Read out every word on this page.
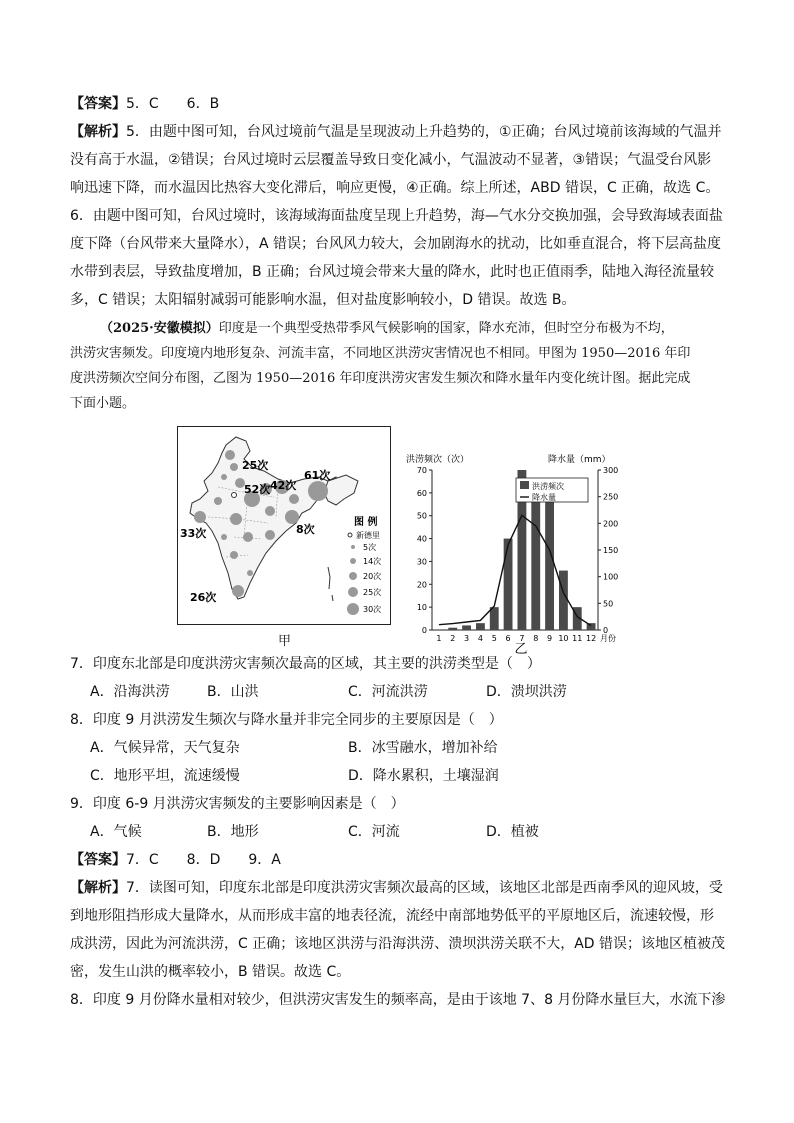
【答案】5．C　　6．B
【解析】5．由题中图可知，台风过境前气温是呈现波动上升趋势的，①正确；台风过境前该海域的气温并
没有高于水温，②错误；台风过境时云层覆盖导致日变化减小，气温波动不显著，③错误；气温受台风影
响迅速下降，而水温因比热容大变化滞后，响应更慢，④正确。综上所述，ABD 错误，C 正确，故选 C。
6．由题中图可知，台风过境时，该海域海面盐度呈现上升趋势，海—气水分交换加强，会导致海域表面盐
度下降（台风带来大量降水），A 错误；台风风力较大，会加剧海水的扰动，比如垂直混合，将下层高盐度
水带到表层，导致盐度增加，B 正确；台风过境会带来大量的降水，此时也正值雨季，陆地入海径流量较
多，C 错误；太阳辐射减弱可能影响水温，但对盐度影响较小，D 错误。故选 B。
（2025·安徽模拟）印度是一个典型受热带季风气候影响的国家，降水充沛，但时空分布极为不均，
洪涝灾害频发。印度境内地形复杂、河流丰富，不同地区洪涝灾害情况也不相同。甲图为 1950—2016 年印
度洪涝频次空间分布图，乙图为 1950—2016 年印度洪涝灾害发生频次和降水量年内变化统计图。据此完成
下面小题。
25次
52次 42次
61次
33次	8次
26次
图 例
新德里
5次
14次
20次
25次
30次
甲
洪涝频次（次）	降水量（mm）
0
10
20
30
40
50
60
70
0
50
100
150
200
250
300
1 2 3 4 5 6 7 8 9 10 11 12 月份
洪涝频次
降水量
乙
7．印度东北部是印度洪涝灾害频次最高的区域，其主要的洪涝类型是（　）
A．沿海洪涝	B．山洪	C．河流洪涝	D．溃坝洪涝
8．印度 9 月洪涝发生频次与降水量并非完全同步的主要原因是（　）
A．气候异常，天气复杂	B．冰雪融水，增加补给
C．地形平坦，流速缓慢	D．降水累积，土壤湿润
9．印度 6-9 月洪涝灾害频发的主要影响因素是（　）
A．气候	B．地形	C．河流	D．植被
【答案】7．C　　8．D　　9．A
【解析】7．读图可知，印度东北部是印度洪涝灾害频次最高的区域，该地区北部是西南季风的迎风坡，受
到地形阻挡形成大量降水，从而形成丰富的地表径流，流经中南部地势低平的平原地区后，流速较慢，形
成洪涝，因此为河流洪涝，C 正确；该地区洪涝与沿海洪涝、溃坝洪涝关联不大，AD 错误；该地区植被茂
密，发生山洪的概率较小，B 错误。故选 C。
8．印度 9 月份降水量相对较少，但洪涝灾害发生的频率高，是由于该地 7、8 月份降水量巨大，水流下渗
